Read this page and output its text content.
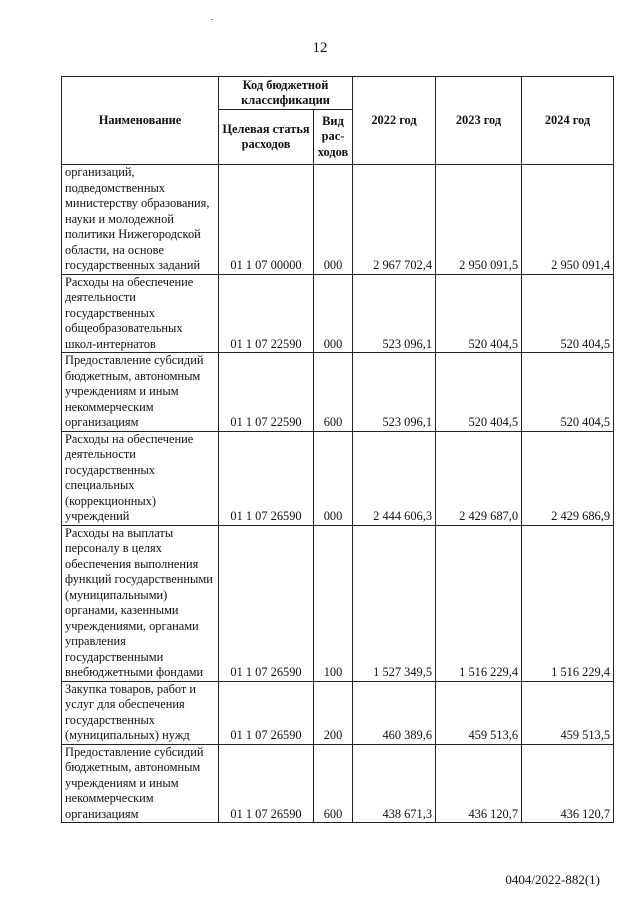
12
Наименование	Код бюджетной классификации		2022 год	2023 год	2024 год
	Целевая статья расходов	Вид рас-ходов			
организаций, подведомственных министерству образования, науки и молодежной политики Нижегородской области, на основе государственных заданий	01 1 07 00000	000	2 967 702,4	2 950 091,5	2 950 091,4
Расходы на обеспечение деятельности государственных общеобразовательных школ-интернатов	01 1 07 22590	000	523 096,1	520 404,5	520 404,5
Предоставление субсидий бюджетным, автономным учреждениям и иным некоммерческим организациям	01 1 07 22590	600	523 096,1	520 404,5	520 404,5
Расходы на обеспечение деятельности государственных специальных (коррекционных) учреждений	01 1 07 26590	000	2 444 606,3	2 429 687,0	2 429 686,9
Расходы на выплаты персоналу в целях обеспечения выполнения функций государственными (муниципальными) органами, казенными учреждениями, органами управления государственными внебюджетными фондами	01 1 07 26590	100	1 527 349,5	1 516 229,4	1 516 229,4
Закупка товаров, работ и услуг для обеспечения государственных (муниципальных) нужд	01 1 07 26590	200	460 389,6	459 513,6	459 513,5
Предоставление субсидий бюджетным, автономным учреждениям и иным некоммерческим организациям	01 1 07 26590	600	438 671,3	436 120,7	436 120,7
0404/2022-882(1)
